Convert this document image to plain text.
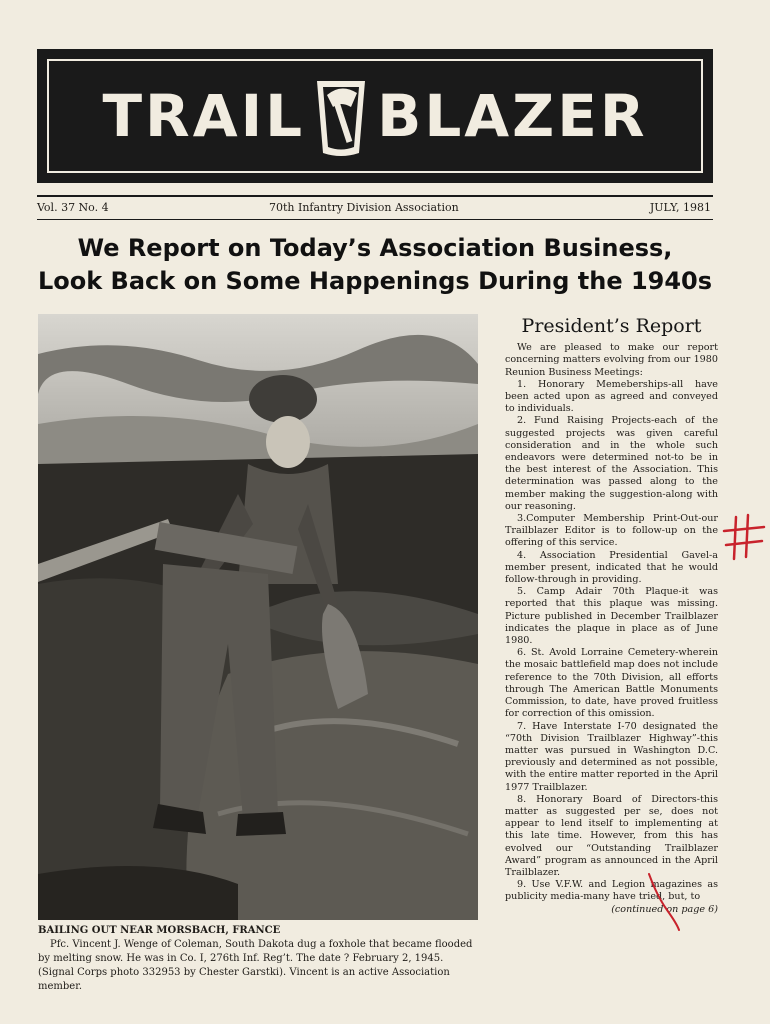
TRAIL BLAZER
Vol. 37 No. 4	70th Infantry Division Association	JULY, 1981
We Report on Today’s Association Business,
Look Back on Some Happenings During the 1940s
BAILING OUT NEAR MORSBACH, FRANCE
Pfc. Vincent J. Wenge of Coleman, South Dakota dug a foxhole that became flooded by melting snow. He was in Co. I, 276th Inf. Reg’t. The date ? February 2, 1945. (Signal Corps photo 332953 by Chester Garstki). Vincent is an active Association member.
President’s Report

We are pleased to make our report concerning matters evolving from our 1980 Reunion Business Meetings:

1. Honorary Memeberships-all have been acted upon as agreed and conveyed to individuals.

2. Fund Raising Projects-each of the suggested projects was given careful consideration and in the whole such endeavors were determined not-to be in the best interest of the Association. This determination was passed along to the member making the suggestion-along with our reasoning.

3.Computer Membership Print-Out-our Trailblazer Editor is to follow-up on the offering of this service.

4. Association Presidential Gavel-a member present, indicated that he would follow-through in providing.

5. Camp Adair 70th Plaque-it was reported that this plaque was missing. Picture published in December Trailblazer indicates the plaque in place as of June 1980.

6. St. Avold Lorraine Cemetery-wherein the mosaic battlefield map does not include reference to the 70th Division, all efforts through The American Battle Monuments Commission, to date, have proved fruitless for correction of this omission.

7. Have Interstate I-70 designated the “70th Division Trailblazer Highway”-this matter was pursued in Washington D.C. previously and determined as not possible, with the entire matter reported in the April 1977 Trailblazer.

8. Honorary Board of Directors-this matter as suggested per se, does not appear to lend itself to implementing at this late time. However, from this has evolved our “Outstanding Trailblazer Award” program as announced in the April Trailblazer.

9. Use V.F.W. and Legion magazines as publicity media-many have tried, but, to

(continued on page 6)
